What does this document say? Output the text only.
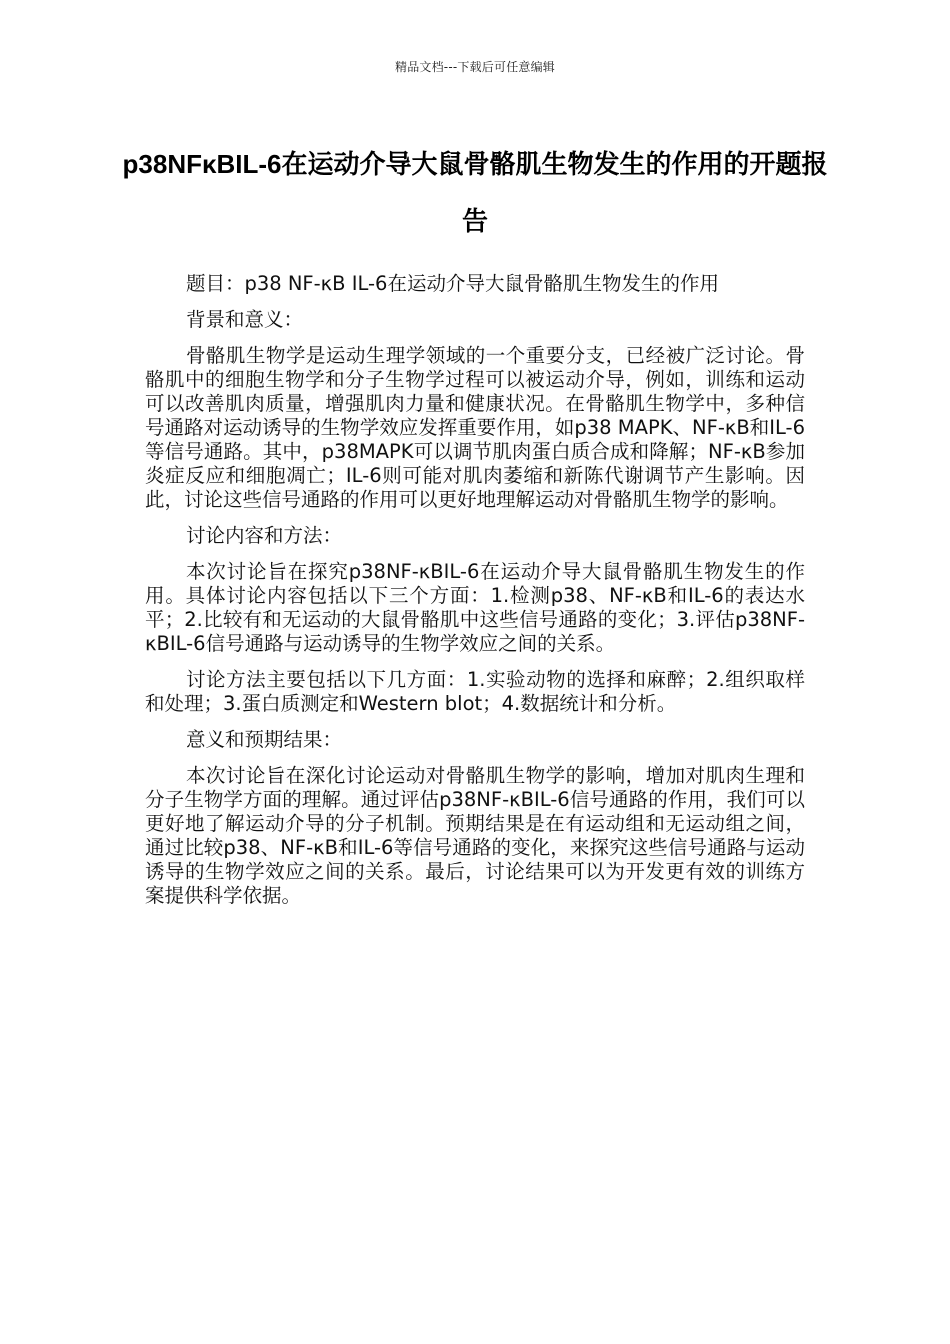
精品文档---下载后可任意编辑
p38NFκBIL-6在运动介导大鼠骨骼肌生物发生的作用的开题报告

题目：p38 NF-κB IL-6在运动介导大鼠骨骼肌生物发生的作用

背景和意义：

骨骼肌生物学是运动生理学领域的一个重要分支，已经被广泛讨论。骨骼肌中的细胞生物学和分子生物学过程可以被运动介导，例如，训练和运动可以改善肌肉质量，增强肌肉力量和健康状况。在骨骼肌生物学中，多种信号通路对运动诱导的生物学效应发挥重要作用，如p38 MAPK、NF-κB和IL-6等信号通路。其中，p38MAPK可以调节肌肉蛋白质合成和降解；NF-κB参加炎症反应和细胞凋亡；IL-6则可能对肌肉萎缩和新陈代谢调节产生影响。因此，讨论这些信号通路的作用可以更好地理解运动对骨骼肌生物学的影响。

讨论内容和方法：

本次讨论旨在探究p38NF-κBIL-6在运动介导大鼠骨骼肌生物发生的作用。具体讨论内容包括以下三个方面：1.检测p38、NF-κB和IL-6的表达水平；2.比较有和无运动的大鼠骨骼肌中这些信号通路的变化；3.评估p38NF-κBIL-6信号通路与运动诱导的生物学效应之间的关系。

讨论方法主要包括以下几方面：1.实验动物的选择和麻醉；2.组织取样和处理；3.蛋白质测定和Western blot；4.数据统计和分析。

意义和预期结果：

本次讨论旨在深化讨论运动对骨骼肌生物学的影响，增加对肌肉生理和分子生物学方面的理解。通过评估p38NF-κBIL-6信号通路的作用，我们可以更好地了解运动介导的分子机制。预期结果是在有运动组和无运动组之间，通过比较p38、NF-κB和IL-6等信号通路的变化，来探究这些信号通路与运动诱导的生物学效应之间的关系。最后，讨论结果可以为开发更有效的训练方案提供科学依据。
